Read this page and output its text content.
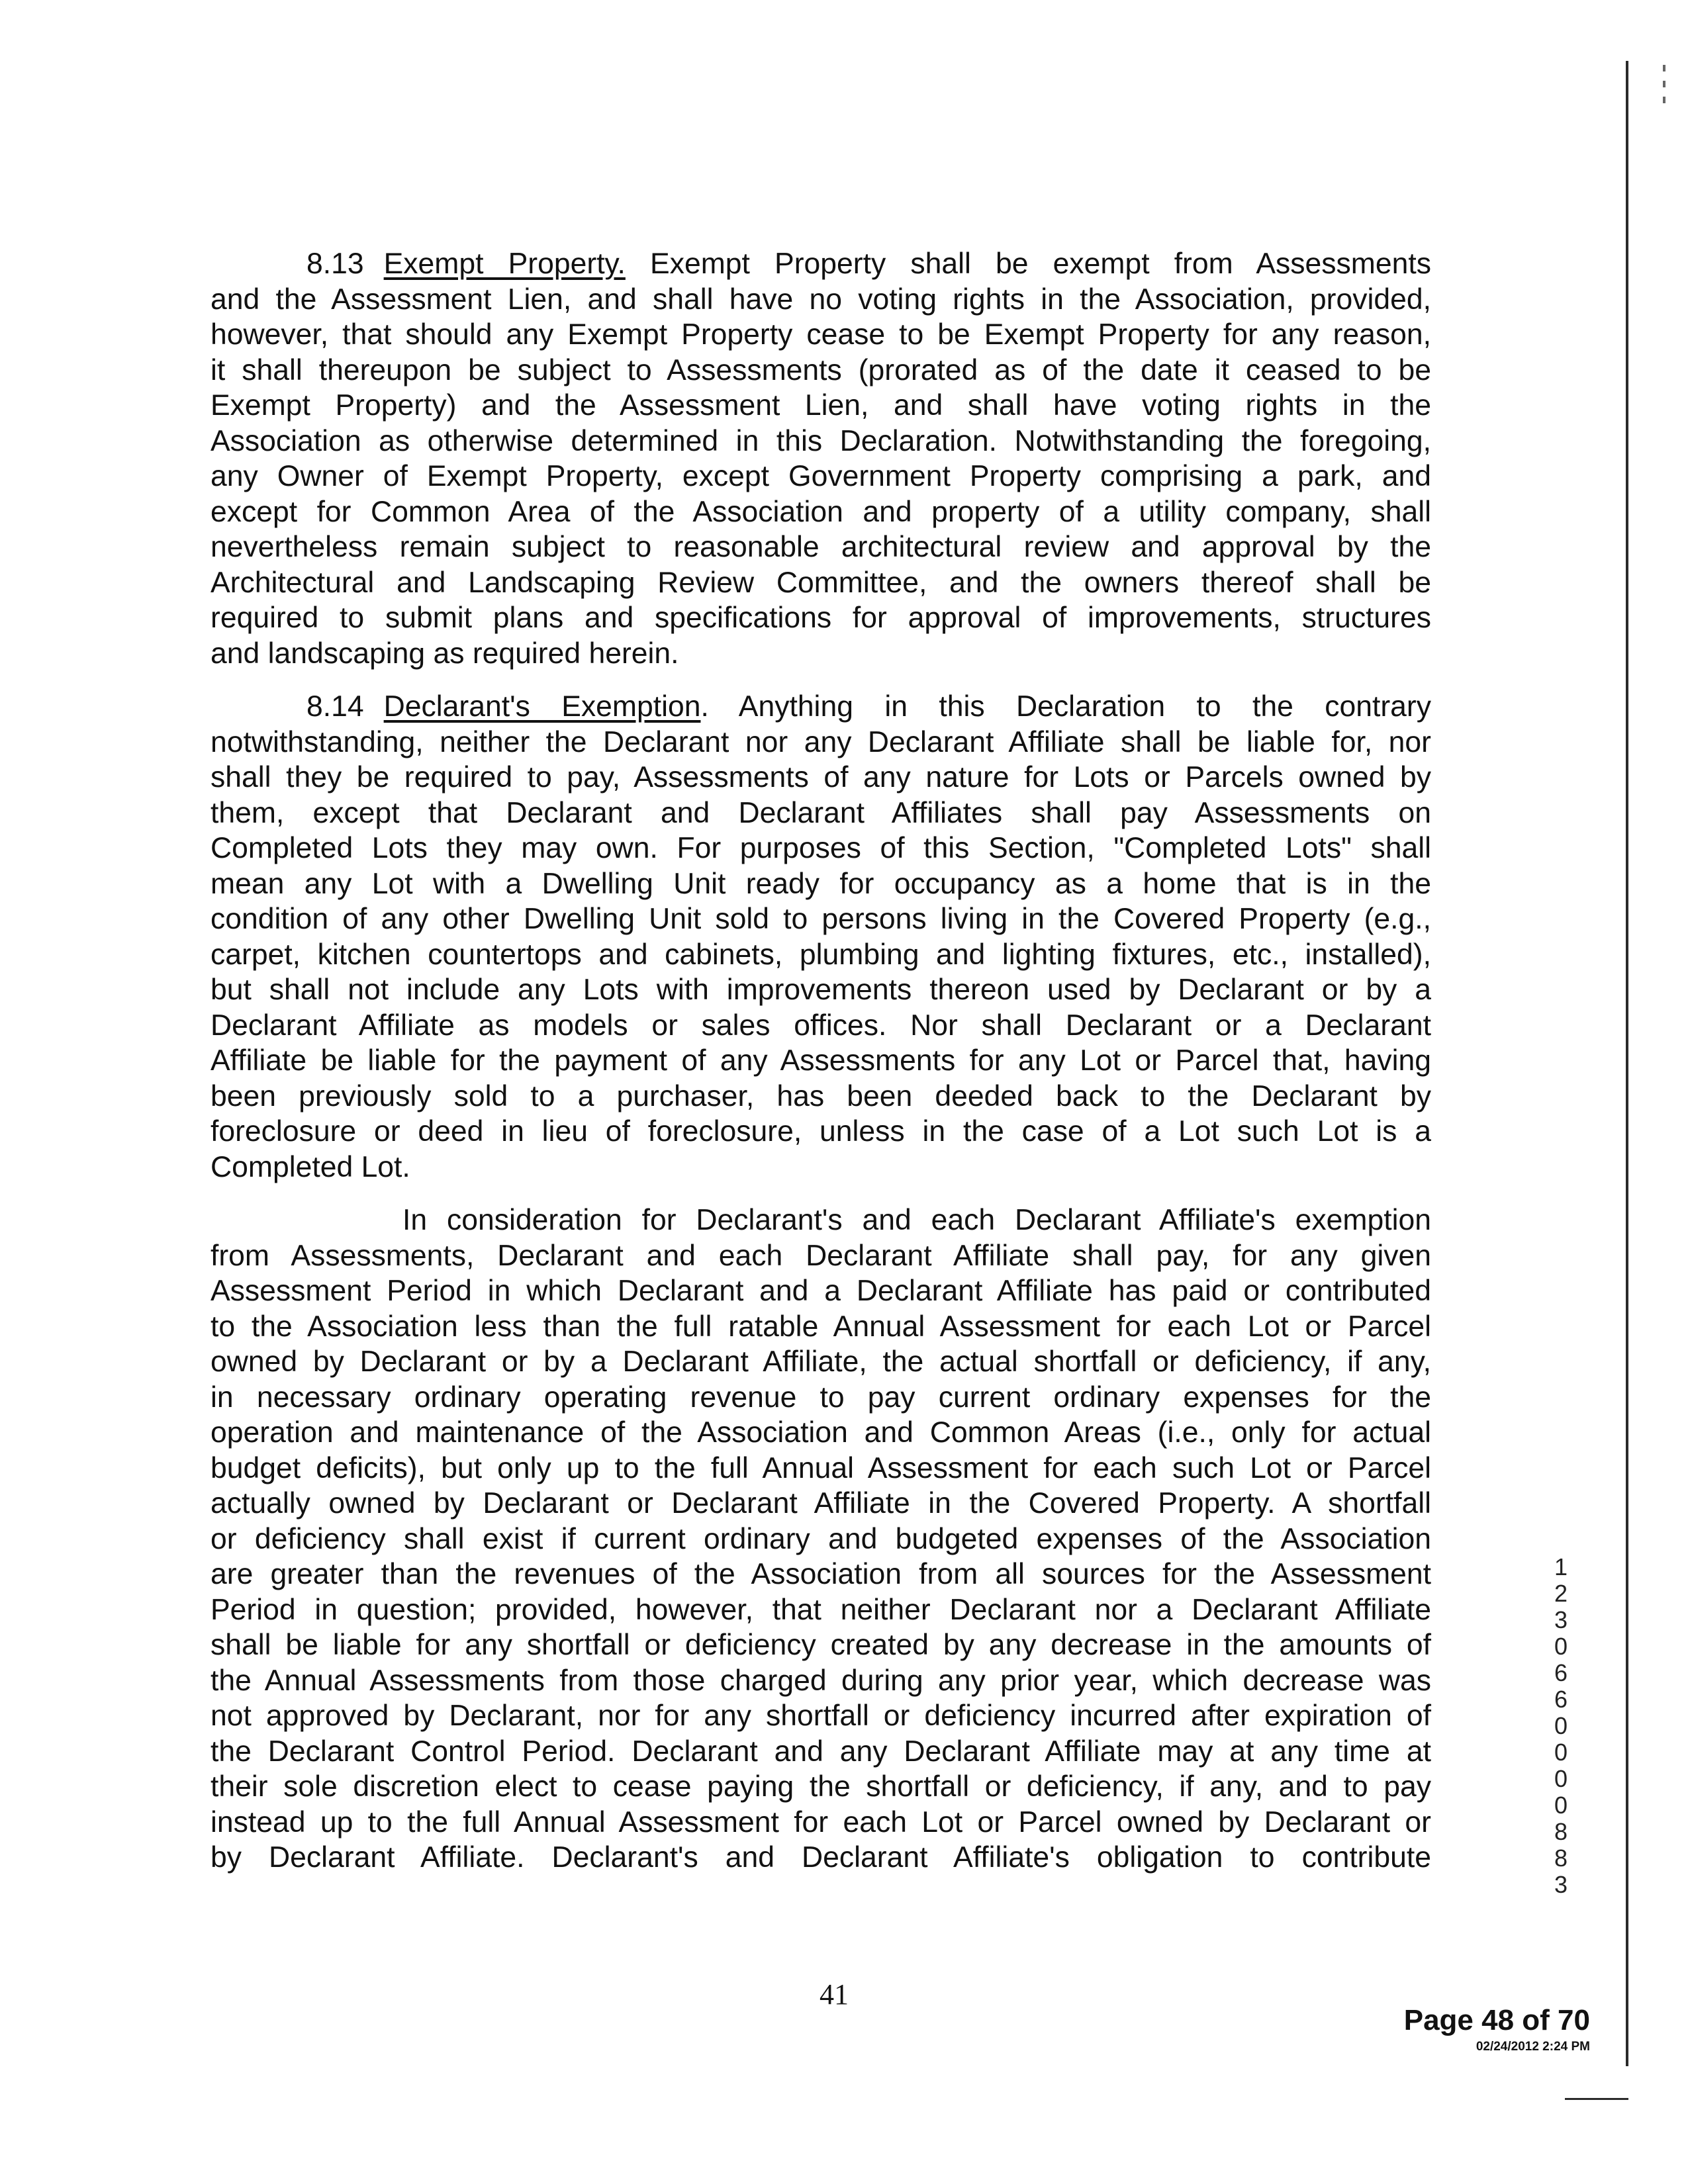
8.13 Exempt Property. Exempt Property shall be exempt from Assessments
and the Assessment Lien, and shall have no voting rights in the Association, provided,
however, that should any Exempt Property cease to be Exempt Property for any reason,
it shall thereupon be subject to Assessments (prorated as of the date it ceased to be
Exempt Property) and the Assessment Lien, and shall have voting rights in the
Association as otherwise determined in this Declaration. Notwithstanding the foregoing,
any Owner of Exempt Property, except Government Property comprising a park, and
except for Common Area of the Association and property of a utility company, shall
nevertheless remain subject to reasonable architectural review and approval by the
Architectural and Landscaping Review Committee, and the owners thereof shall be
required to submit plans and specifications for approval of improvements, structures
and landscaping as required herein.
8.14 Declarant's Exemption. Anything in this Declaration to the contrary
notwithstanding, neither the Declarant nor any Declarant Affiliate shall be liable for, nor
shall they be required to pay, Assessments of any nature for Lots or Parcels owned by
them, except that Declarant and Declarant Affiliates shall pay Assessments on
Completed Lots they may own. For purposes of this Section, "Completed Lots" shall
mean any Lot with a Dwelling Unit ready for occupancy as a home that is in the
condition of any other Dwelling Unit sold to persons living in the Covered Property (e.g.,
carpet, kitchen countertops and cabinets, plumbing and lighting fixtures, etc., installed),
but shall not include any Lots with improvements thereon used by Declarant or by a
Declarant Affiliate as models or sales offices. Nor shall Declarant or a Declarant
Affiliate be liable for the payment of any Assessments for any Lot or Parcel that, having
been previously sold to a purchaser, has been deeded back to the Declarant by
foreclosure or deed in lieu of foreclosure, unless in the case of a Lot such Lot is a
Completed Lot.
In consideration for Declarant's and each Declarant Affiliate's exemption
from Assessments, Declarant and each Declarant Affiliate shall pay, for any given
Assessment Period in which Declarant and a Declarant Affiliate has paid or contributed
to the Association less than the full ratable Annual Assessment for each Lot or Parcel
owned by Declarant or by a Declarant Affiliate, the actual shortfall or deficiency, if any,
in necessary ordinary operating revenue to pay current ordinary expenses for the
operation and maintenance of the Association and Common Areas (i.e., only for actual
budget deficits), but only up to the full Annual Assessment for each such Lot or Parcel
actually owned by Declarant or Declarant Affiliate in the Covered Property. A shortfall
or deficiency shall exist if current ordinary and budgeted expenses of the Association
are greater than the revenues of the Association from all sources for the Assessment
Period in question; provided, however, that neither Declarant nor a Declarant Affiliate
shall be liable for any shortfall or deficiency created by any decrease in the amounts of
the Annual Assessments from those charged during any prior year, which decrease was
not approved by Declarant, nor for any shortfall or deficiency incurred after expiration of
the Declarant Control Period. Declarant and any Declarant Affiliate may at any time at
their sole discretion elect to cease paying the shortfall or deficiency, if any, and to pay
instead up to the full Annual Assessment for each Lot or Parcel owned by Declarant or
by Declarant Affiliate. Declarant's and Declarant Affiliate's obligation to contribute
1230660000883
41
Page 48 of 70
02/24/2012 2:24 PM
